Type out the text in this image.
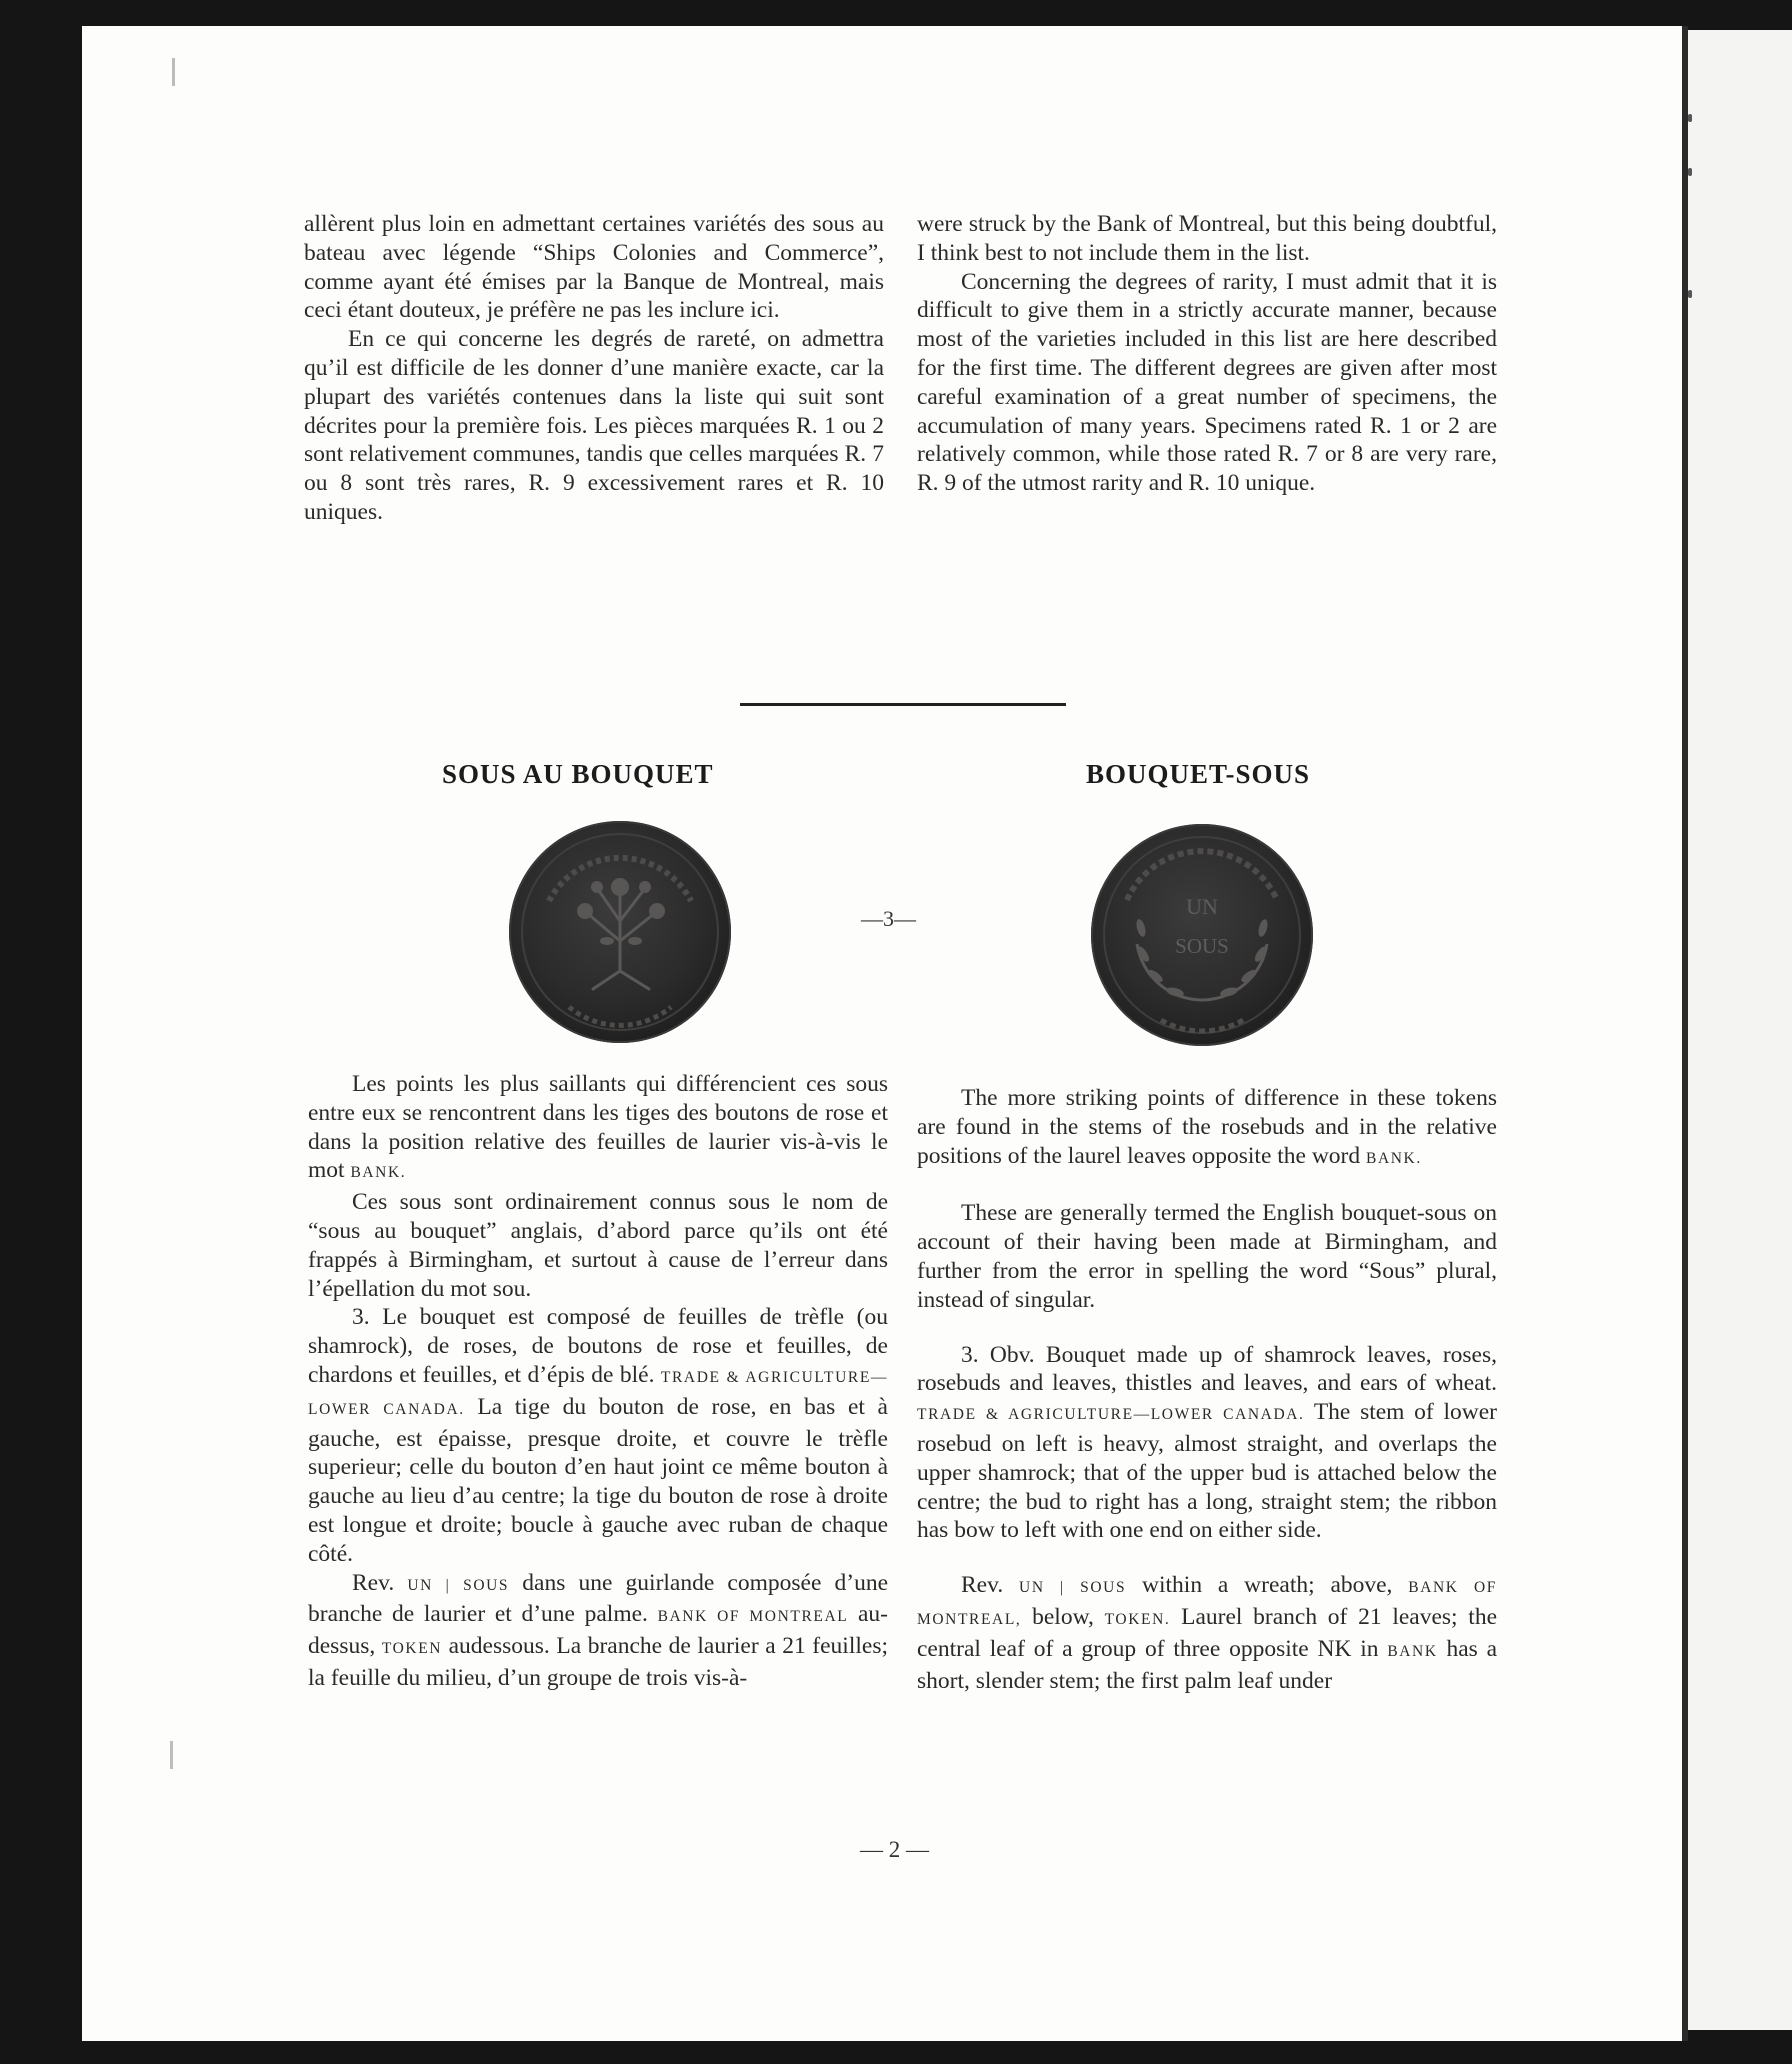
allèrent plus loin en admettant certaines variétés des sous au bateau avec légende “Ships Colonies and Commerce”, comme ayant été émises par la Banque de Montreal, mais ceci étant douteux, je préfère ne pas les inclure ici.

En ce qui concerne les degrés de rareté, on admettra qu’il est difficile de les donner d’une manière exacte, car la plupart des variétés contenues dans la liste qui suit sont décrites pour la première fois. Les pièces marquées R. 1 ou 2 sont relativement communes, tandis que celles marquées R. 7 ou 8 sont très rares, R. 9 excessivement rares et R. 10 uniques.

were struck by the Bank of Montreal, but this being doubtful, I think best to not include them in the list.

Concerning the degrees of rarity, I must admit that it is difficult to give them in a strictly accurate manner, because most of the varieties included in this list are here described for the first time. The different degrees are given after most careful examination of a great number of specimens, the accumulation of many years. Specimens rated R. 1 or 2 are relatively common, while those rated R. 7 or 8 are very rare, R. 9 of the utmost rarity and R. 10 unique.

SOUS AU BOUQUET	BOUQUET-SOUS
—3—	UN
SOUS

Les points les plus saillants qui différencient ces sous entre eux se rencontrent dans les tiges des boutons de rose et dans la position relative des feuilles de laurier vis-à-vis le mot BANK.

Ces sous sont ordinairement connus sous le nom de “sous au bouquet” anglais, d’abord parce qu’ils ont été frappés à Birmingham, et surtout à cause de l’erreur dans l’épellation du mot sou.

3. Le bouquet est composé de feuilles de trèfle (ou shamrock), de roses, de boutons de rose et feuilles, de chardons et feuilles, et d’épis de blé. TRADE & AGRICULTURE—LOWER CANADA. La tige du bouton de rose, en bas et à gauche, est épaisse, presque droite, et couvre le trèfle superieur; celle du bouton d’en haut joint ce même bouton à gauche au lieu d’au centre; la tige du bouton de rose à droite est longue et droite; boucle à gauche avec ruban de chaque côté.

Rev. UN | SOUS dans une guirlande composée d’une branche de laurier et d’une palme. BANK OF MONTREAL au-dessus, TOKEN audessous. La branche de laurier a 21 feuilles; la feuille du milieu, d’un groupe de trois vis-à-

The more striking points of difference in these tokens are found in the stems of the rosebuds and in the relative positions of the laurel leaves opposite the word BANK.

These are generally termed the English bouquet-sous on account of their having been made at Birmingham, and further from the error in spelling the word “Sous” plural, instead of singular.

3. Obv. Bouquet made up of shamrock leaves, roses, rosebuds and leaves, thistles and leaves, and ears of wheat. TRADE & AGRICULTURE—LOWER CANADA. The stem of lower rosebud on left is heavy, almost straight, and overlaps the upper shamrock; that of the upper bud is attached below the centre; the bud to right has a long, straight stem; the ribbon has bow to left with one end on either side.

Rev. UN | SOUS within a wreath; above, BANK OF MONTREAL, below, TOKEN. Laurel branch of 21 leaves; the central leaf of a group of three opposite NK in BANK has a short, slender stem; the first palm leaf under

— 2 —
